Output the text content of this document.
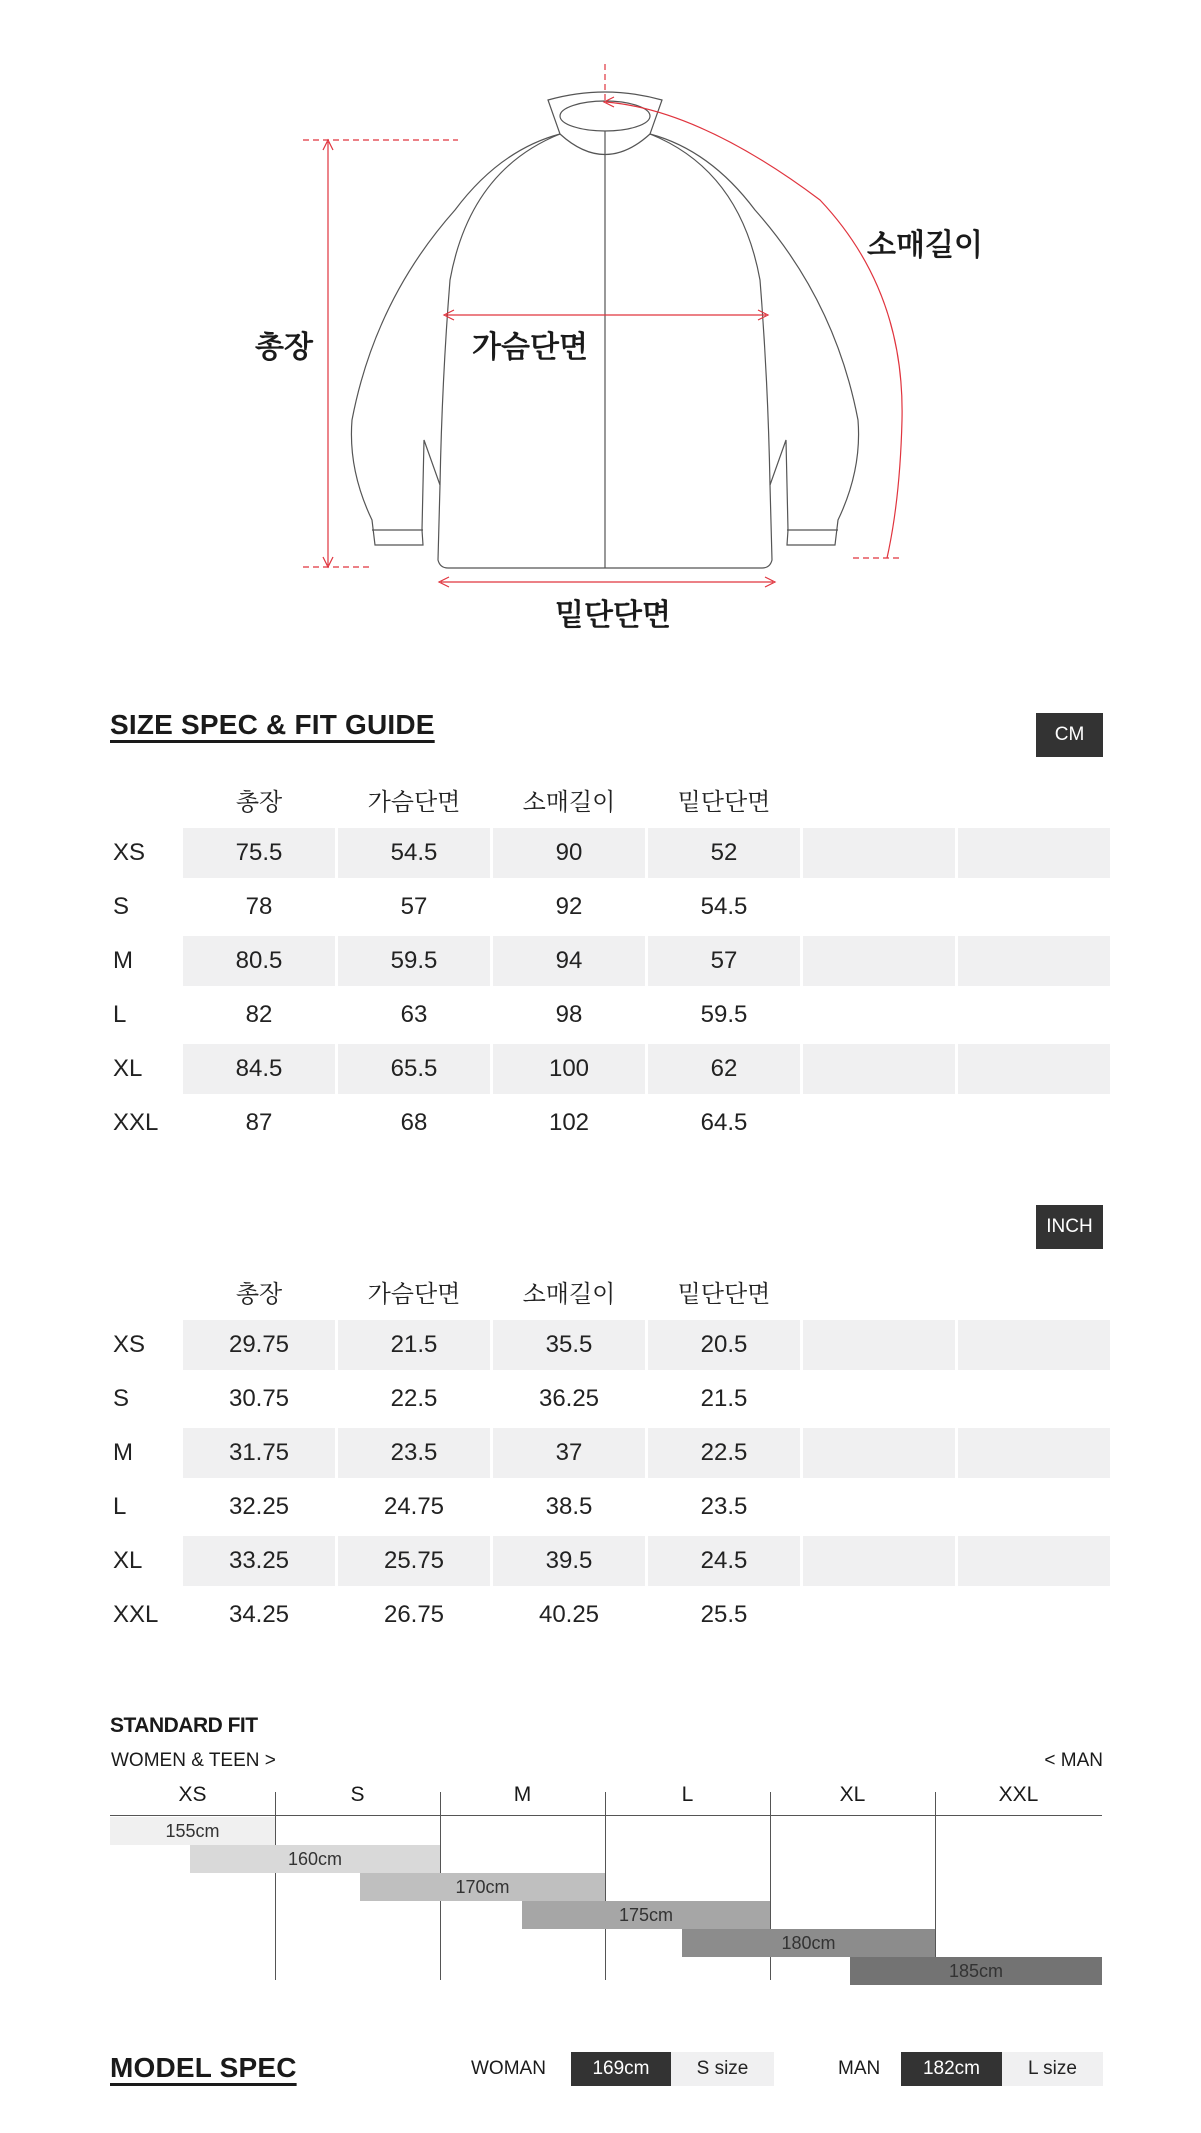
총장	가슴단면
소매길이
밑단단면
SIZE SPEC & FIT GUIDE	CM
	총장	가슴단면	소매길이	밑단단면		
XS	75.5	54.5	90	52		

S	78	57	92	54.5		

M	80.5	59.5	94	57		

L	82	63	98	59.5		

XL	84.5	65.5	100	62		

XXL	87	68	102	64.5		
INCH
	총장	가슴단면	소매길이	밑단단면		
XS	29.75	21.5	35.5	20.5		

S	30.75	22.5	36.25	21.5		

M	31.75	23.5	37	22.5		

L	32.25	24.75	38.5	23.5		

XL	33.25	25.75	39.5	24.5		

XXL	34.25	26.75	40.25	25.5		
STANDARD FIT
WOMEN & TEEN >	< MAN
XS	S	M	L	XL	XXL
155cm
160cm
170cm
175cm
180cm
185cm
MODEL SPEC	WOMAN	169cm	S size	MAN	182cm	L size
